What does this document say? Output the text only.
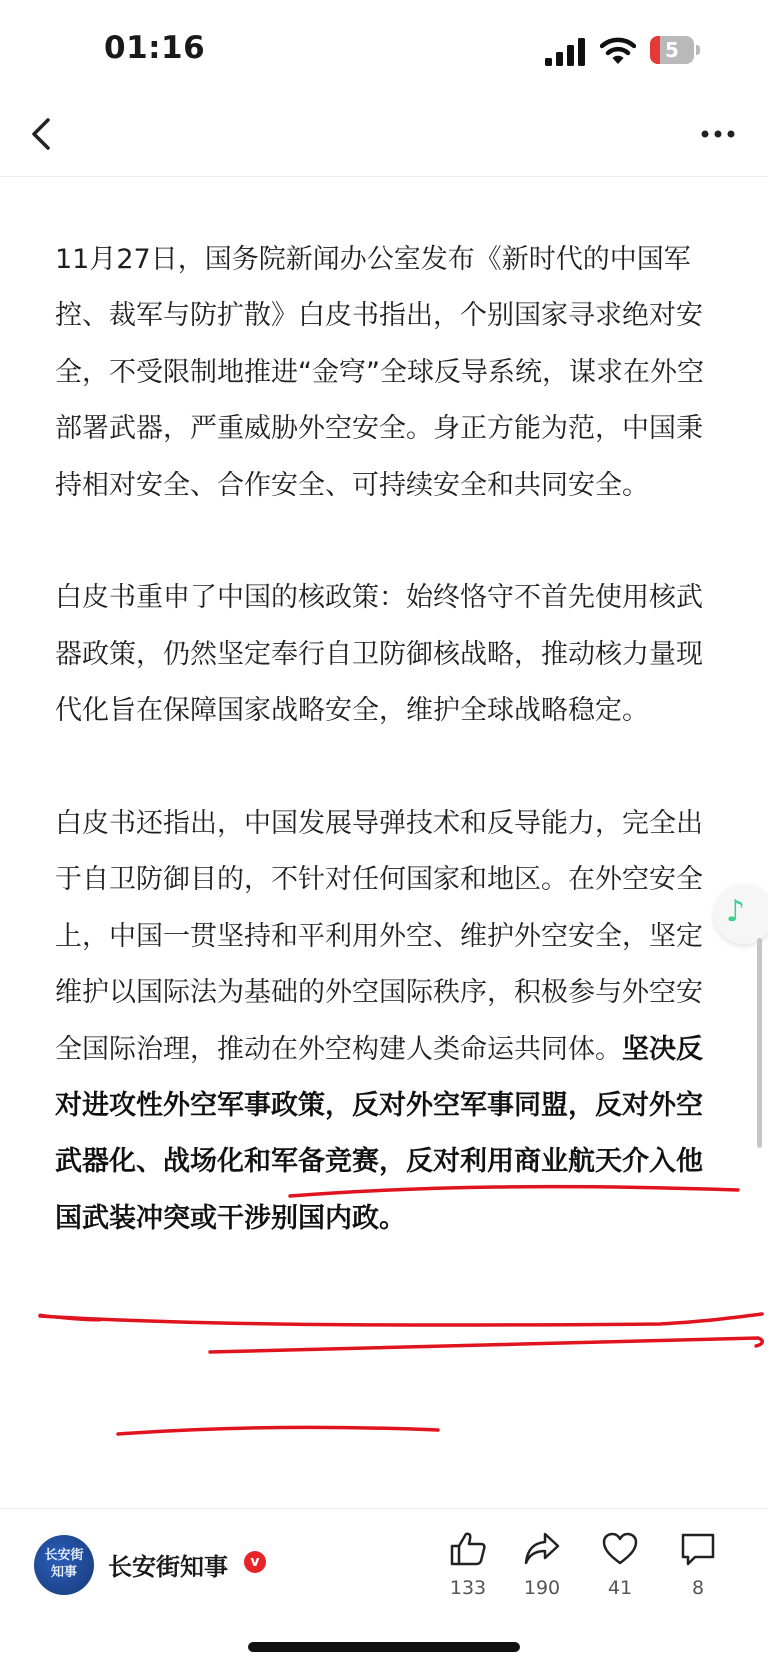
01:16	5

11月27日，国务院新闻办公室发布《新时代的中国军控、裁军与防扩散》白皮书指出，个别国家寻求绝对安全，不受限制地推进“金穹”全球反导系统，谋求在外空部署武器，严重威胁外空安全。身正方能为范，中国秉持相对安全、合作安全、可持续安全和共同安全。

白皮书重申了中国的核政策：始终恪守不首先使用核武器政策，仍然坚定奉行自卫防御核战略，推动核力量现代化旨在保障国家战略安全，维护全球战略稳定。

白皮书还指出，中国发展导弹技术和反导能力，完全出于自卫防御目的，不针对任何国家和地区。在外空安全上，中国一贯坚持和平利用外空、维护外空安全，坚定维护以国际法为基础的外空国际秩序，积极参与外空安全国际治理，推动在外空构建人类命运共同体。坚决反对进攻性外空军事政策，反对外空军事同盟，反对外空武器化、战场化和军备竞赛，反对利用商业航天介入他国武装冲突或干涉别国内政。

♪
长安街
知事	长安街知事	v
133	190	41	8
